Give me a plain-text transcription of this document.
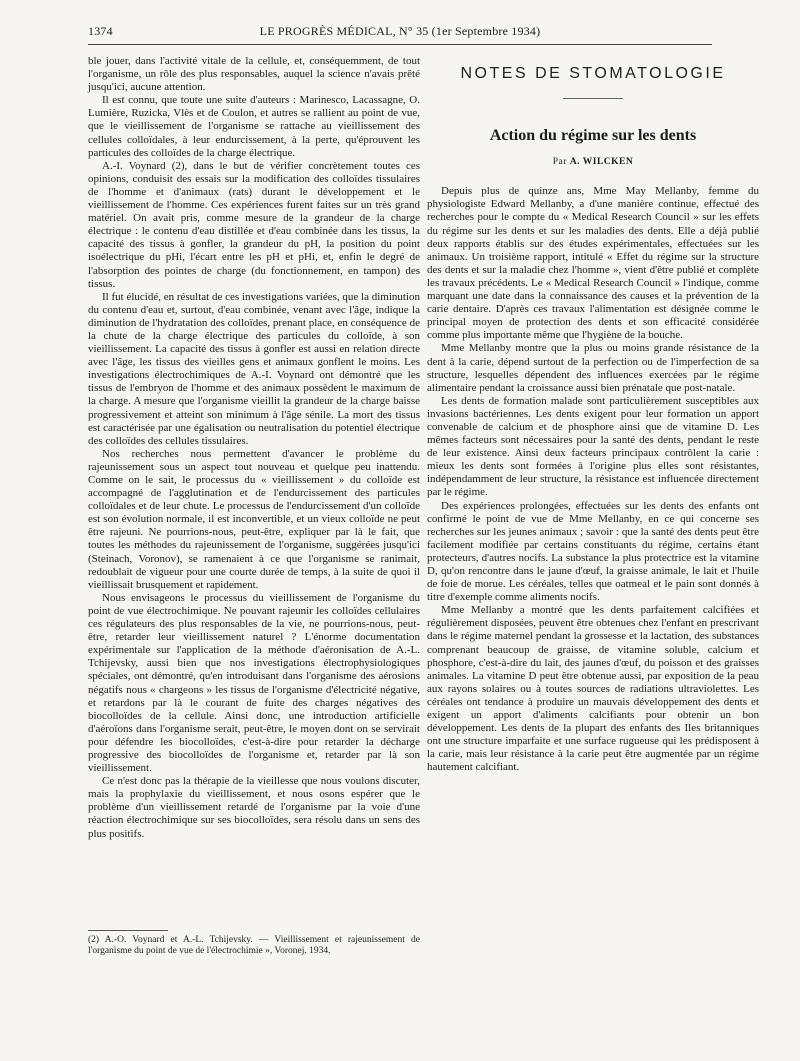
1374	LE PROGRÈS MÉDICAL, N° 35 (1er Septembre 1934)

ble jouer, dans l'activité vitale de la cellule, et, conséquemment, de tout l'organisme, un rôle des plus responsables, auquel la science n'avais prêté jusqu'ici, aucune attention.

Il est connu, que toute une suite d'auteurs : Marinesco, Lacassagne, O. Lumière, Ruzicka, Vlès et de Coulon, et autres se rallient au point de vue, que le vieillissement de l'organisme se rattache au vieillissement des cellules colloïdales, à leur endurcissement, à la perte, qu'éprouvent les particules des colloïdes de la charge électrique.

A.-I. Voynard (2), dans le but de vérifier concrètement toutes ces opinions, conduisit des essais sur la modification des colloïdes tissulaires de l'homme et d'animaux (rats) durant le développement et le vieillissement de l'homme. Ces expériences furent faites sur un très grand matériel. On avait pris, comme mesure de la grandeur de la charge électrique : le contenu d'eau distillée et d'eau combinée dans les tissus, la capacité des tissus à gonfler, la grandeur du pH, la position du point isoélectrique du pHi, l'écart entre les pH et pHi, et, enfin le degré de l'absorption des pointes de charge (du fonctionnement, en tampon) des tissus.

Il fut élucidé, en résultat de ces investigations variées, que la diminution du contenu d'eau et, surtout, d'eau combinée, venant avec l'âge, indique la diminution de l'hydratation des colloïdes, prenant place, en conséquence de la chute de la charge électrique des particules du colloïde, à son vieillissement. La capacité des tissus à gonfler est aussi en relation directe avec l'âge, les tissus des vieilles gens et animaux gonflent le moins. Les investigations électrochimiques de A.-I. Voynard ont démontré que les tissus de l'embryon de l'homme et des animaux possèdent le maximum de la charge. A mesure que l'organisme vieillit la grandeur de la charge baisse progressivement et atteint son minimum à l'âge sénile. La mort des tissus est caractérisée par une égalisation ou neutralisation du potentiel électrique des colloïdes des cellules tissulaires.

Nos recherches nous permettent d'avancer le problème du rajeunissement sous un aspect tout nouveau et quelque peu inattendu. Comme on le sait, le processus du « vieillissement » du colloïde est accompagné de l'agglutination et de l'endurcissement des particules colloïdales et de leur chute. Le processus de l'endurcissement d'un colloïde est son évolution normale, il est inconvertible, et un vieux colloïde ne peut être rajeuni. Ne pourrions-nous, peut-être, expliquer par là le fait, que toutes les méthodes du rajeunissement de l'organisme, suggérées jusqu'ici (Steinach, Voronov), se ramenaient à ce que l'organisme se ranimait, redoublait de vigueur pour une courte durée de temps, à la suite de quoi il vieillissait brusquement et rapidement.

Nous envisageons le processus du vieillissement de l'organisme du point de vue électrochimique. Ne pouvant rajeunir les colloïdes cellulaires ces régulateurs des plus responsables de la vie, ne pourrions-nous, peut-être, retarder leur vieillissement naturel ? L'énorme documentation expérimentale sur l'application de la méthode d'aéronisation de A.-L. Tchijevsky, aussi bien que nos investigations électrophysiologiques spéciales, ont démontré, qu'en introduisant dans l'organisme des aérosions négatifs nous « chargeons » les tissus de l'organisme d'électricité négative, et retardons par là le courant de fuite des charges négatives des biocolloïdes de la cellule. Ainsi donc, une introduction artificielle d'aéroïons dans l'organisme serait, peut-être, le moyen dont on se servirait pour défendre les biocolloïdes, c'est-à-dire pour retarder la décharge progressive des biocolloïdes de l'organisme et, retarder par là son vieillissement.

Ce n'est donc pas la thérapie de la vieillesse que nous voulons discuter, mais la prophylaxie du vieillissement, et nous osons espérer que le problème d'un vieillissement retardé de l'organisme par la voie d'une réaction électrochimique sur ses biocolloïdes, sera résolu dans un sens des plus positifs.

(2) A.-O. Voynard et A.-L. Tchijevsky. — Vieillissement et rajeunissement de l'organisme du point de vue de l'électrochimie », Voronej. 1934.
NOTES DE STOMATOLOGIE
Action du régime sur les dents
Par A. WILCKEN

Depuis plus de quinze ans, Mme May Mellanby, femme du physiologiste Edward Mellanby, a d'une manière continue, effectué des recherches pour le compte du « Medical Research Council » sur les effets du régime sur les dents et sur les maladies des dents. Elle a déjà publié deux rapports établis sur des études expérimentales, effectuées sur les animaux. Un troisième rapport, intitulé « Effet du régime sur la structure des dents et sur la maladie chez l'homme », vient d'être publié et complète les travaux précédents. Le « Medical Research Council » l'indique, comme marquant une date dans la connaissance des causes et la prévention de la carie dentaire. D'après ces travaux l'alimentation est désignée comme le principal moyen de protection des dents et son efficacité considérée comme plus importante même que l'hygiène de la bouche.

Mme Mellanby montre que la plus ou moins grande résistance de la dent à la carie, dépend surtout de la perfection ou de l'imperfection de sa structure, lesquelles dépendent des influences exercées par le régime alimentaire pendant la croissance aussi bien prénatale que post-natale.

Les dents de formation malade sont particulièrement susceptibles aux invasions bactériennes. Les dents exigent pour leur formation un apport convenable de calcium et de phosphore ainsi que de vitamine D. Les mêmes facteurs sont nécessaires pour la santé des dents, pendant le reste de leur existence. Ainsi deux facteurs principaux contrôlent la carie : mieux les dents sont formées à l'origine plus elles sont résistantes, indépendamment de leur structure, la résistance est influencée directement par le régime.

Des expériences prolongées, effectuées sur les dents des enfants ont confirmé le point de vue de Mme Mellanby, en ce qui concerne ses recherches sur les jeunes animaux ; savoir : que la santé des dents peut être facilement modifiée par certains constituants du régime, certains étant protecteurs, d'autres nocifs. La substance la plus protectrice est la vitamine D, qu'on rencontre dans le jaune d'œuf, la graisse animale, le lait et l'huile de foie de morue. Les céréales, telles que oatmeal et le pain sont donnés à titre d'exemple comme aliments nocifs.

Mme Mellanby a montré que les dents parfaitement calcifiées et régulièrement disposées, peuvent être obtenues chez l'enfant en prescrivant dans le régime maternel pendant la grossesse et la lactation, des substances comprenant beaucoup de graisse, de vitamine soluble, calcium et phosphore, c'est-à-dire du lait, des jaunes d'œuf, du poisson et des graisses animales. La vitamine D peut être obtenue aussi, par exposition de la peau aux rayons solaires ou à toutes sources de radiations ultraviolettes. Les céréales ont tendance à produire un mauvais développement des dents et exigent un apport d'aliments calcifiants pour obtenir un bon développement. Les dents de la plupart des enfants des Iles britanniques ont une structure imparfaite et une surface rugueuse qui les prédisposent à la carie, mais leur résistance à la carie peut être augmentée par un régime hautement calcifiant.
